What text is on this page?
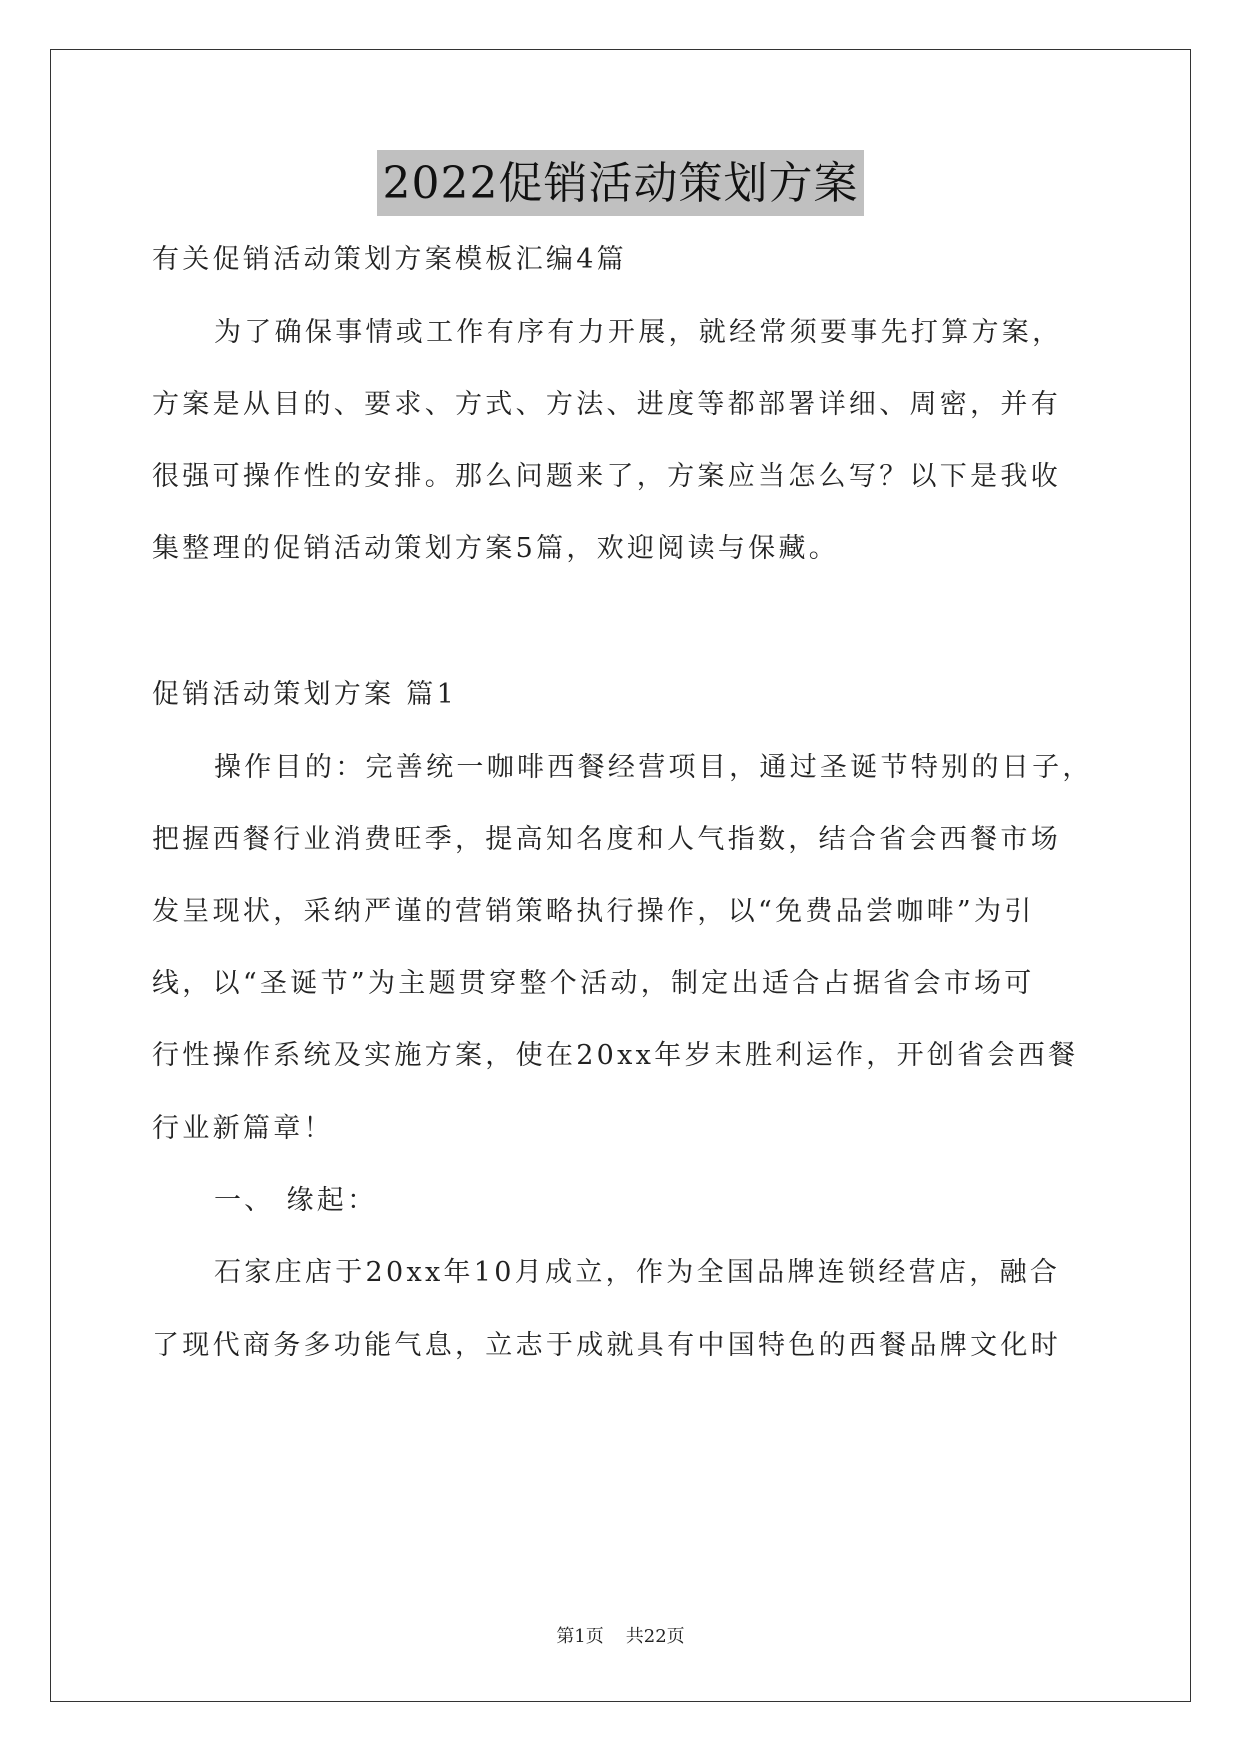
2022促销活动策划方案
有关促销活动策划方案模板汇编4篇
为了确保事情或工作有序有力开展，就经常须要事先打算方案，
方案是从目的、要求、方式、方法、进度等都部署详细、周密，并有
很强可操作性的安排。那么问题来了，方案应当怎么写？以下是我收
集整理的促销活动策划方案5篇，欢迎阅读与保藏。
促销活动策划方案 篇1
操作目的：完善统一咖啡西餐经营项目，通过圣诞节特别的日子，
把握西餐行业消费旺季，提高知名度和人气指数，结合省会西餐市场
发呈现状，采纳严谨的营销策略执行操作，以“免费品尝咖啡”为引
线，以“圣诞节”为主题贯穿整个活动，制定出适合占据省会市场可
行性操作系统及实施方案，使在20xx年岁末胜利运作，开创省会西餐
行业新篇章！
一、 缘起：
石家庄店于20xx年10月成立，作为全国品牌连锁经营店，融合
了现代商务多功能气息，立志于成就具有中国特色的西餐品牌文化时
第1页 共22页
